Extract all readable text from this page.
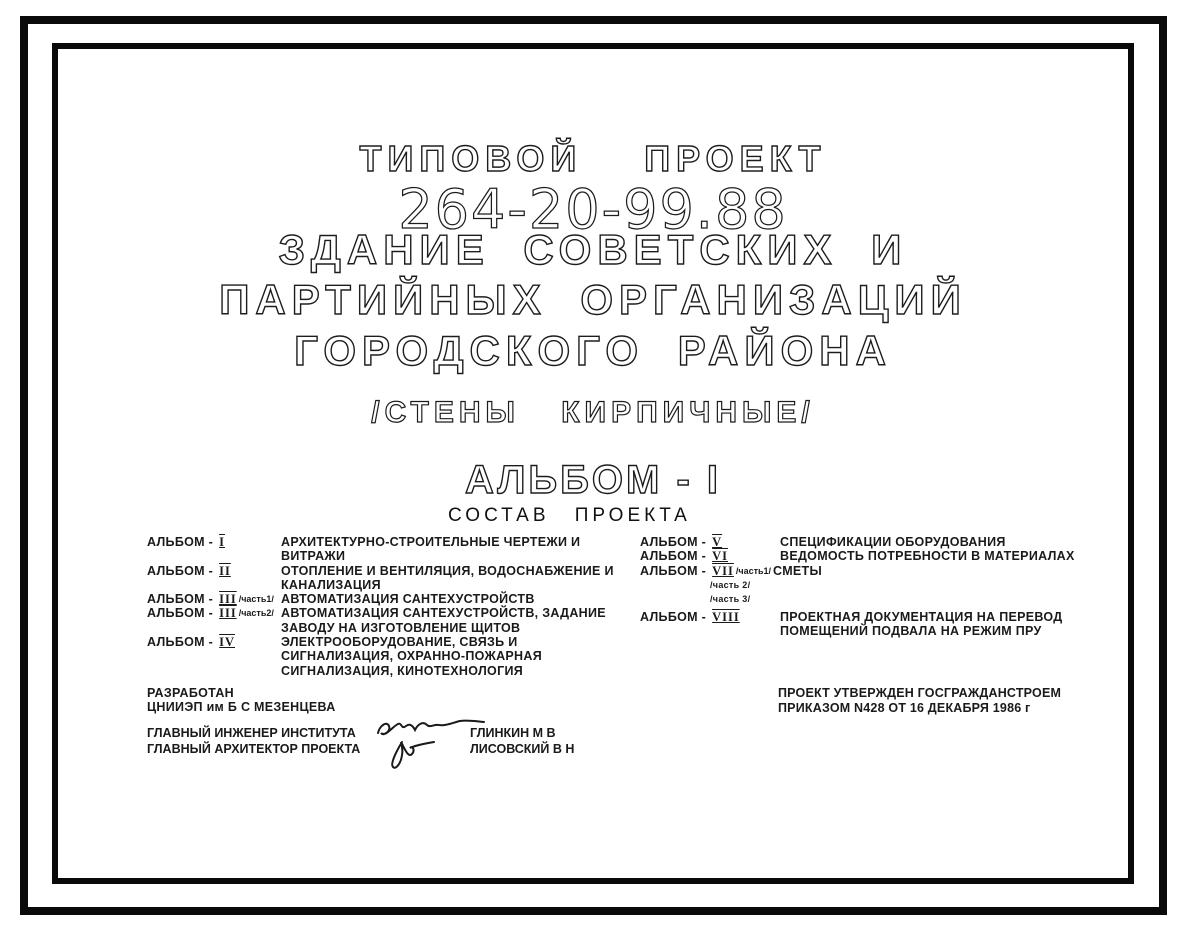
ТИПОВОЙ ПРОЕКТ
264-20-99.88
ЗДАНИЕ СОВЕТСКИХ И
ПАРТИЙНЫХ ОРГАНИЗАЦИЙ
ГОРОДСКОГО РАЙОНА
/СТЕНЫ КИРПИЧНЫЕ/
АЛЬБОМ - I
СОСТАВ ПРОЕКТА
АЛЬБОМ - I	АРХИТЕКТУРНО-СТРОИТЕЛЬНЫЕ ЧЕРТЕЖИ И
ВИТРАЖИ
АЛЬБОМ - II	ОТОПЛЕНИЕ И ВЕНТИЛЯЦИЯ, ВОДОСНАБЖЕНИЕ И
КАНАЛИЗАЦИЯ
АЛЬБОМ - III /часть1/ АВТОМАТИЗАЦИЯ САНТЕХУСТРОЙСТВ
АЛЬБОМ - III /часть2/ АВТОМАТИЗАЦИЯ САНТЕХУСТРОЙСТВ, ЗАДАНИЕ
ЗАВОДУ НА ИЗГОТОВЛЕНИЕ ЩИТОВ
АЛЬБОМ - IV	ЭЛЕКТРООБОРУДОВАНИЕ, СВЯЗЬ И
СИГНАЛИЗАЦИЯ, ОХРАННО-ПОЖАРНАЯ
СИГНАЛИЗАЦИЯ, КИНОТЕХНОЛОГИЯ
АЛЬБОМ - V	СПЕЦИФИКАЦИИ ОБОРУДОВАНИЯ
АЛЬБОМ - VI	ВЕДОМОСТЬ ПОТРЕБНОСТИ В МАТЕРИАЛАХ
АЛЬБОМ - VII /часть1/ СМЕТЫ
/часть 2/
/часть 3/
АЛЬБОМ - VIII	ПРОЕКТНАЯ ДОКУМЕНТАЦИЯ НА ПЕРЕВОД
ПОМЕЩЕНИЙ ПОДВАЛА НА РЕЖИМ ПРУ
РАЗРАБОТАН
ЦНИИЭП им Б С МЕЗЕНЦЕВА
ГЛАВНЫЙ ИНЖЕНЕР ИНСТИТУТА
ГЛАВНЫЙ АРХИТЕКТОР ПРОЕКТА
ГЛИНКИН М В
ЛИСОВСКИЙ В Н
ПРОЕКТ УТВЕРЖДЕН ГОСГРАЖДАНСТРОЕМ
ПРИКАЗОМ N428 ОТ 16 ДЕКАБРЯ 1986 г
